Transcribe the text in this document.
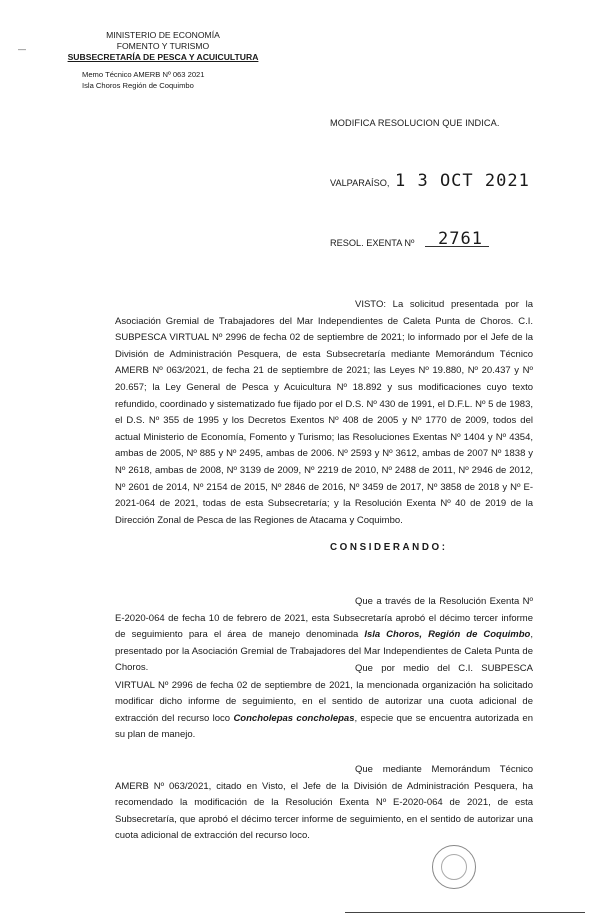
—
MINISTERIO DE ECONOMÍA
FOMENTO Y TURISMO
SUBSECRETARÍA DE PESCA Y ACUICULTURA
Memo Técnico AMERB Nº 063 2021
Isla Choros Región de Coquimbo
MODIFICA RESOLUCION QUE INDICA.
VALPARAÍSO, 1 3 OCT 2021
RESOL. EXENTA Nº 2761
VISTO: La solicitud presentada por la Asociación Gremial de Trabajadores del Mar Independientes de Caleta Punta de Choros. C.I. SUBPESCA VIRTUAL Nº 2996 de fecha 02 de septiembre de 2021; lo informado por el Jefe de la División de Administración Pesquera, de esta Subsecretaría mediante Memorándum Técnico AMERB Nº 063/2021, de fecha 21 de septiembre de 2021; las Leyes Nº 19.880, Nº 20.437 y Nº 20.657; la Ley General de Pesca y Acuicultura Nº 18.892 y sus modificaciones cuyo texto refundido, coordinado y sistematizado fue fijado por el D.S. Nº 430 de 1991, el D.F.L. Nº 5 de 1983, el D.S. Nº 355 de 1995 y los Decretos Exentos Nº 408 de 2005 y Nº 1770 de 2009, todos del actual Ministerio de Economía, Fomento y Turismo; las Resoluciones Exentas Nº 1404 y Nº 4354, ambas de 2005, Nº 885 y Nº 2495, ambas de 2006. Nº 2593 y Nº 3612, ambas de 2007 Nº 1838 y Nº 2618, ambas de 2008, Nº 3139 de 2009, Nº 2219 de 2010, Nº 2488 de 2011, Nº 2946 de 2012, Nº 2601 de 2014, Nº 2154 de 2015, Nº 2846 de 2016, Nº 3459 de 2017, Nº 3858 de 2018 y Nº E-2021-064 de 2021, todas de esta Subsecretaría; y la Resolución Exenta Nº 40 de 2019 de la Dirección Zonal de Pesca de las Regiones de Atacama y Coquimbo.
CONSIDERANDO:
Que a través de la Resolución Exenta Nº E-2020-064 de fecha 10 de febrero de 2021, esta Subsecretaría aprobó el décimo tercer informe de seguimiento para el área de manejo denominada Isla Choros, Región de Coquimbo, presentado por la Asociación Gremial de Trabajadores del Mar Independientes de Caleta Punta de Choros.	Que por medio del C.I. SUBPESCA VIRTUAL Nº 2996 de fecha 02 de septiembre de 2021, la mencionada organización ha solicitado modificar dicho informe de seguimiento, en el sentido de autorizar una cuota adicional de extracción del recurso loco Concholepas concholepas, especie que se encuentra autorizada en su plan de manejo.
Que mediante Memorándum Técnico AMERB Nº 063/2021, citado en Visto, el Jefe de la División de Administración Pesquera, ha recomendado la modificación de la Resolución Exenta Nº E-2020-064 de 2021, de esta Subsecretaría, que aprobó el décimo tercer informe de seguimiento, en el sentido de autorizar una cuota adicional de extracción del recurso loco.
